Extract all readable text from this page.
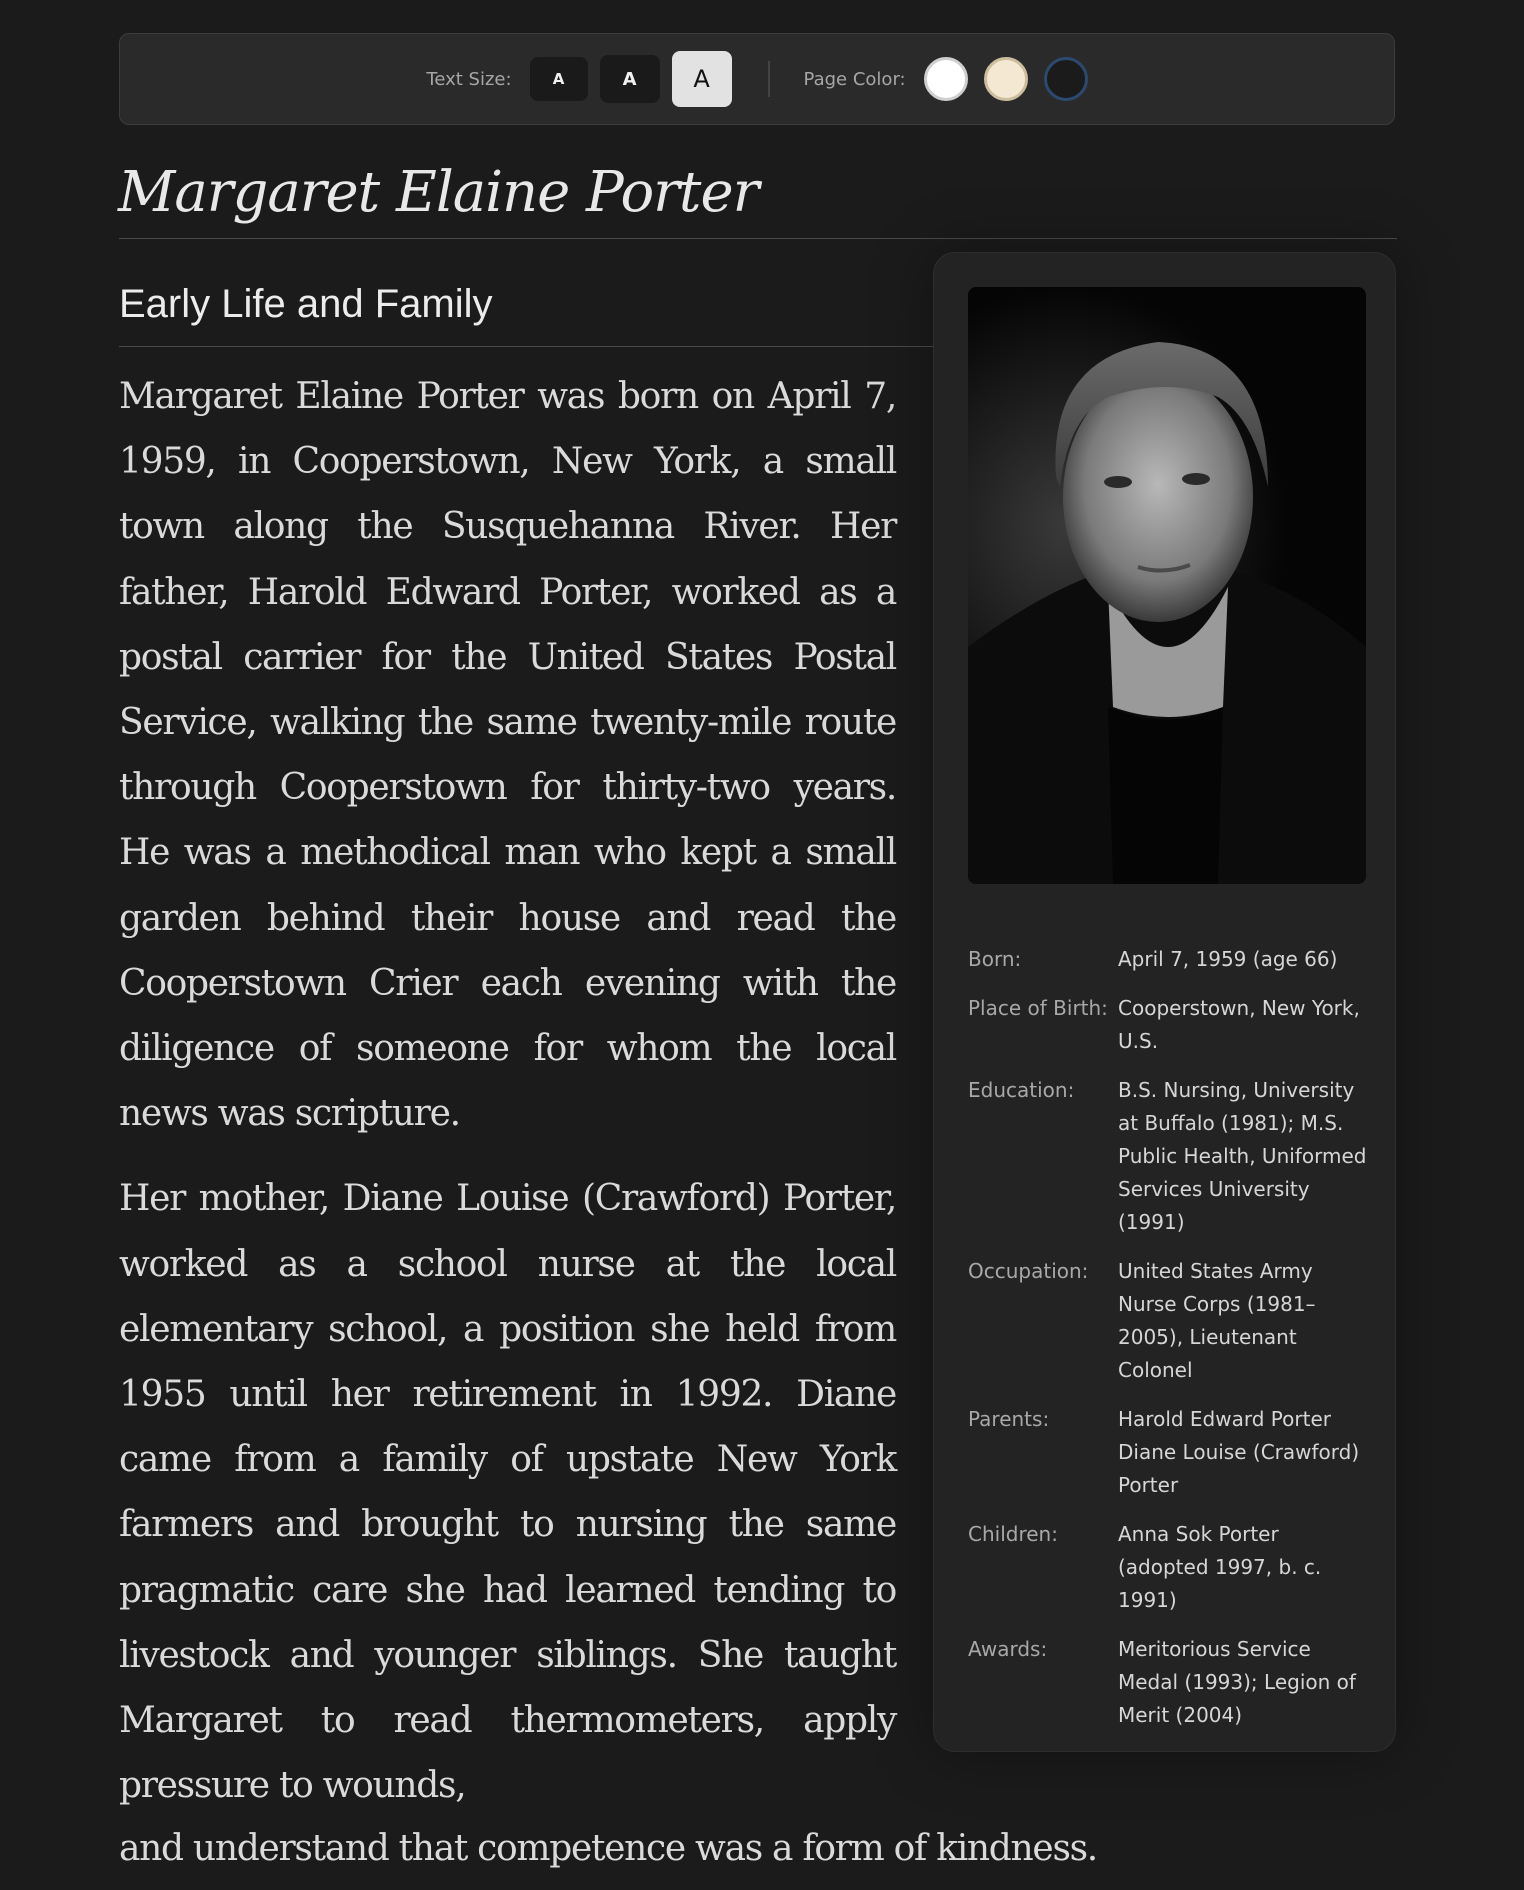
Text Size:	A	A	A	Page Color:
Margaret Elaine Porter
Early Life and Family

Margaret Elaine Porter was born on April 7, 1959, in Cooperstown, New York, a small town along the Susquehanna River. Her father, Harold Edward Porter, worked as a postal carrier for the United States Postal Service, walking the same twenty-mile route through Cooperstown for thirty-two years. He was a methodical man who kept a small garden behind their house and read the Cooperstown Crier each evening with the diligence of someone for whom the local news was scripture.

Her mother, Diane Louise (Crawford) Porter, worked as a school nurse at the local elementary school, a position she held from 1955 until her retirement in 1992. Diane came from a family of upstate New York farmers and brought to nursing the same pragmatic care she had learned tending to livestock and younger siblings. She taught Margaret to read thermometers, apply pressure to wounds,

and understand that competence was a form of kindness.
Born:	April 7, 1959 (age 66)
Place of Birth: Cooperstown, New York, U.S.
Education:	B.S. Nursing, University at Buffalo (1981); M.S. Public Health, Uniformed Services University (1991)
Occupation:	United States Army Nurse Corps (1981–2005), Lieutenant Colonel
Parents:	Harold Edward Porter Diane Louise (Crawford) Porter
Children:	Anna Sok Porter (adopted 1997, b. c. 1991)
Awards:	Meritorious Service Medal (1993); Legion of Merit (2004)
